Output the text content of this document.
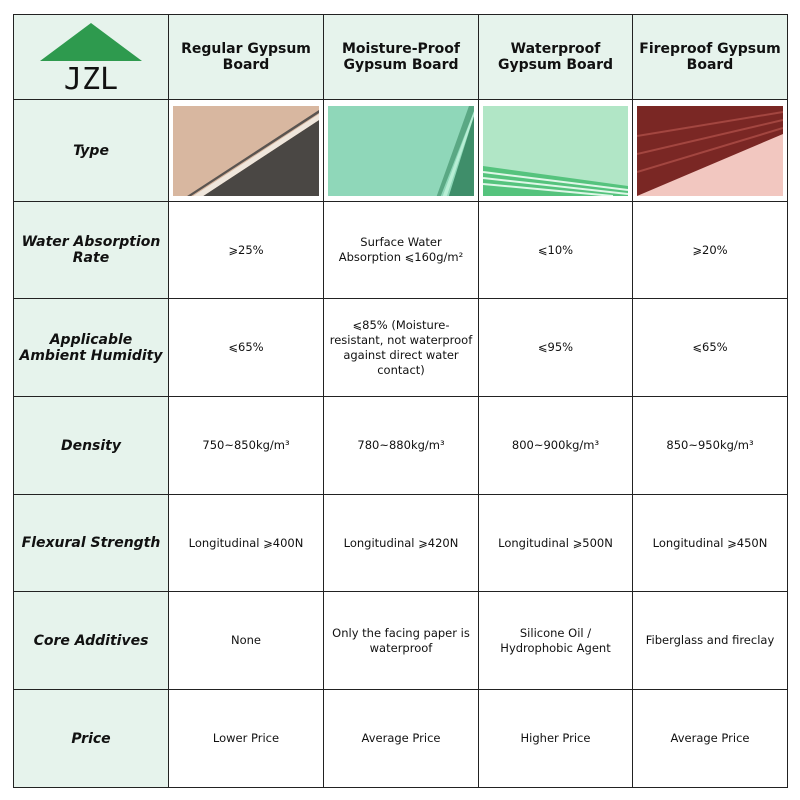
JZL	Regular Gypsum Board	Moisture-Proof Gypsum Board	Waterproof Gypsum Board	Fireproof Gypsum Board
Type	

Water Absorption Rate	⩾25%	Surface Water Absorption ⩽160g/m²	⩽10%	⩾20%
Applicable Ambient Humidity	⩽65%	⩽85% (Moisture-resistant, not waterproof against direct water contact)	⩽95%	⩽65%
Density	750~850kg/m³	780~880kg/m³	800~900kg/m³	850~950kg/m³
Flexural Strength	Longitudinal ⩾400N	Longitudinal ⩾420N	Longitudinal ⩾500N	Longitudinal ⩾450N
Core Additives	None	Only the facing paper is waterproof	Silicone Oil / Hydrophobic Agent	Fiberglass and fireclay
Price	Lower Price	Average Price	Higher Price	Average Price
